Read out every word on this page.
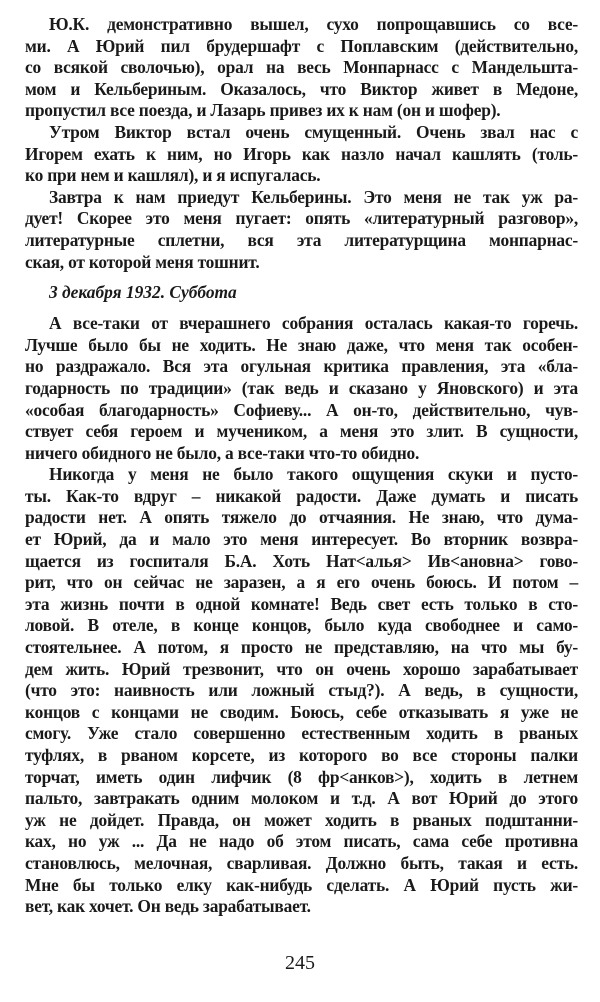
Ю.К. демонстративно вышел, сухо попрощавшись со все-
ми. А Юрий пил брудершафт с Поплавским (действительно,
со всякой сволочью), орал на весь Монпарнасс с Мандельшта-
мом и Кельбериным. Оказалось, что Виктор живет в Медоне,
пропустил все поезда, и Лазарь привез их к нам (он и шофер).
Утром Виктор встал очень смущенный. Очень звал нас с
Игорем ехать к ним, но Игорь как назло начал кашлять (толь-
ко при нем и кашлял), и я испугалась.
Завтра к нам приедут Кельберины. Это меня не так уж ра-
дует! Скорее это меня пугает: опять «литературный разговор»,
литературные сплетни, вся эта литературщина монпарнас-
ская, от которой меня тошнит.
3 декабря 1932. Суббота
А все-таки от вчерашнего собрания осталась какая-то горечь.
Лучше было бы не ходить. Не знаю даже, что меня так особен-
но раздражало. Вся эта огульная критика правления, эта «бла-
годарность по традиции» (так ведь и сказано у Яновского) и эта
«особая благодарность» Софиеву... А он-то, действительно, чув-
ствует себя героем и мучеником, а меня это злит. В сущности,
ничего обидного не было, а все-таки что-то обидно.
Никогда у меня не было такого ощущения скуки и пусто-
ты. Как-то вдруг – никакой радости. Даже думать и писать
радости нет. А опять тяжело до отчаяния. Не знаю, что дума-
ет Юрий, да и мало это меня интересует. Во вторник возвра-
щается из госпиталя Б.А. Хоть Нат<алья> Ив<ановна> гово-
рит, что он сейчас не заразен, а я его очень боюсь. И потом –
эта жизнь почти в одной комнате! Ведь свет есть только в сто-
ловой. В отеле, в конце концов, было куда свободнее и само-
стоятельнее. А потом, я просто не представляю, на что мы бу-
дем жить. Юрий трезвонит, что он очень хорошо зарабатывает
(что это: наивность или ложный стыд?). А ведь, в сущности,
концов с концами не сводим. Боюсь, себе отказывать я уже не
смогу. Уже стало совершенно естественным ходить в рваных
туфлях, в рваном корсете, из которого во все стороны палки
торчат, иметь один лифчик (8 фр<анков>), ходить в летнем
пальто, завтракать одним молоком и т.д. А вот Юрий до этого
уж не дойдет. Правда, он может ходить в рваных подштанни-
ках, но уж ... Да не надо об этом писать, сама себе противна
становлюсь, мелочная, сварливая. Должно быть, такая и есть.
Мне бы только елку как-нибудь сделать. А Юрий пусть жи-
вет, как хочет. Он ведь зарабатывает.
245
